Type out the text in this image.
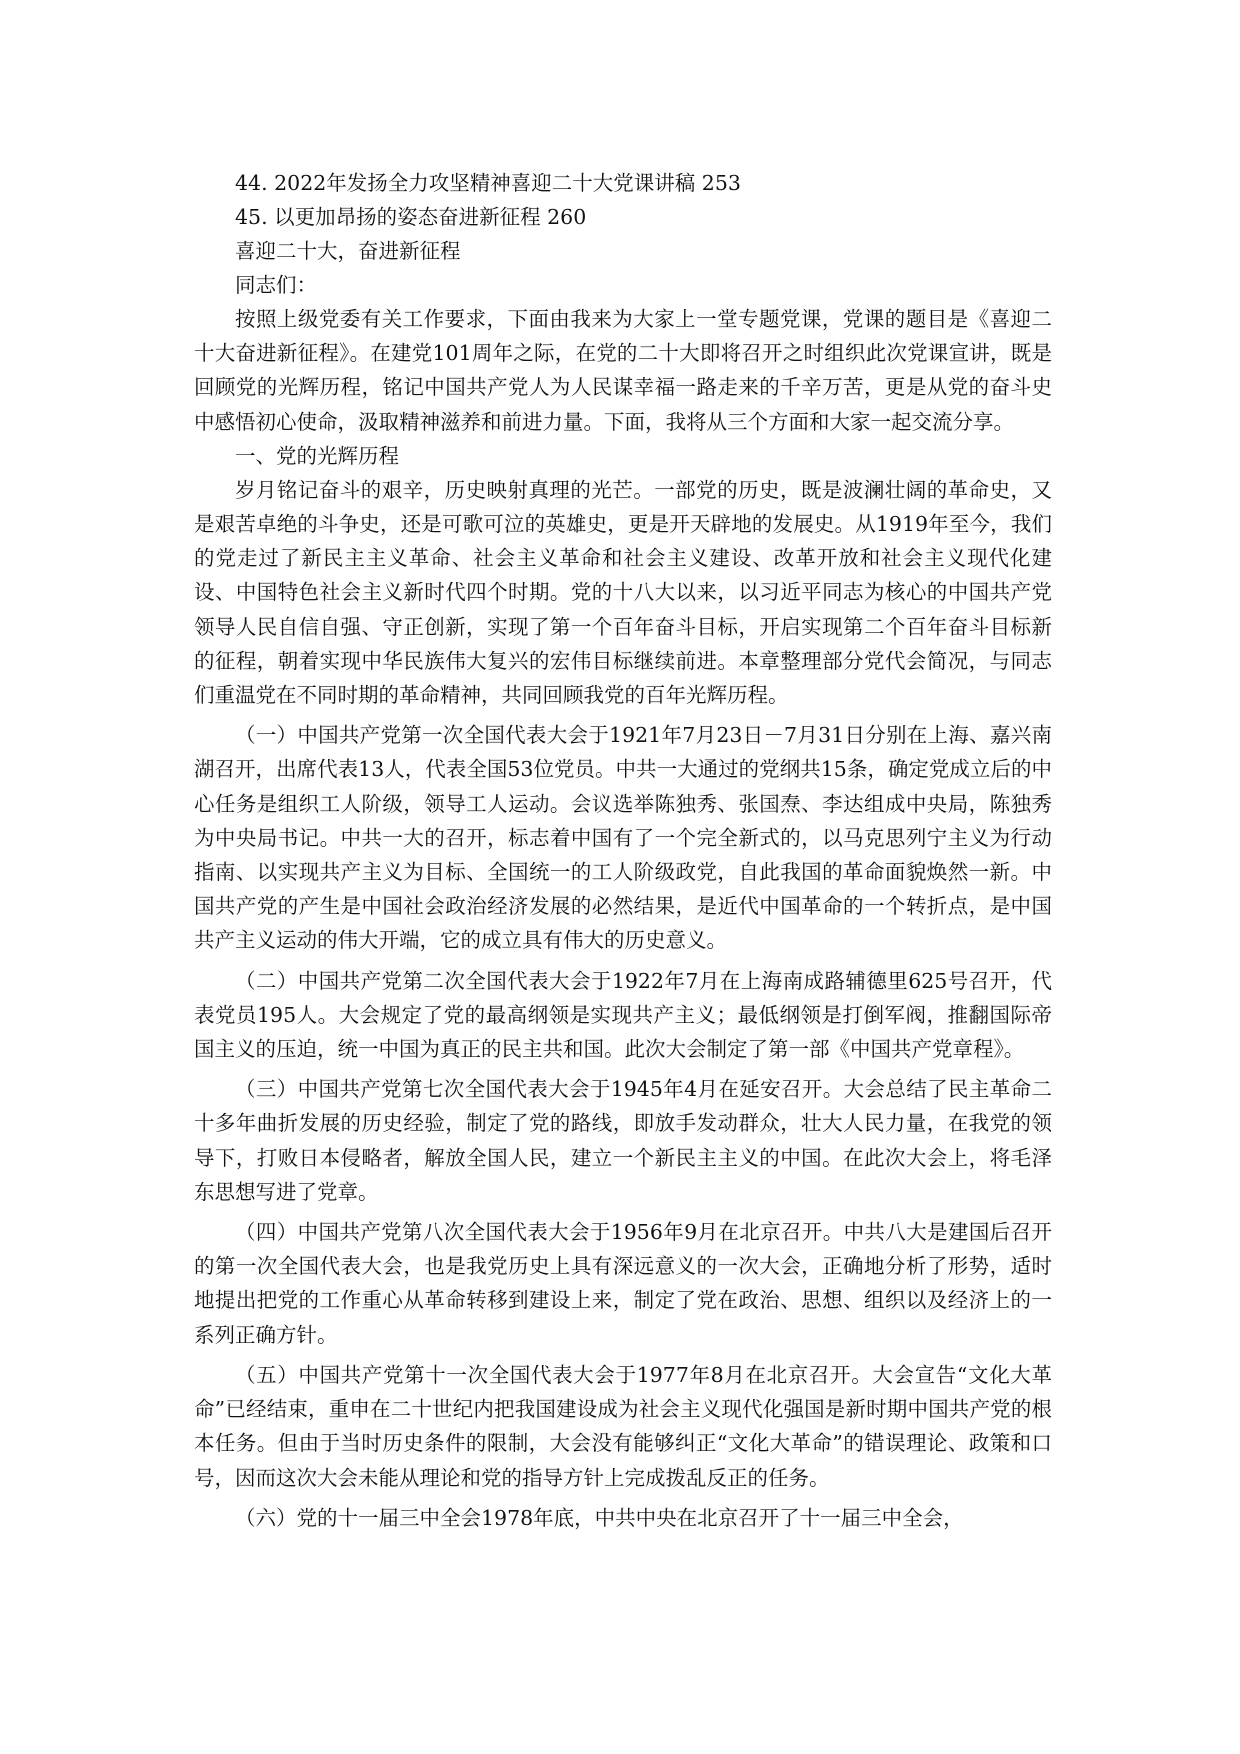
44. 2022年发扬全力攻坚精神喜迎二十大党课讲稿 253

45. 以更加昂扬的姿态奋进新征程 260

喜迎二十大，奋进新征程

同志们：

按照上级党委有关工作要求，下面由我来为大家上一堂专题党课，党课的题目是《喜迎二十大奋进新征程》。在建党101周年之际，在党的二十大即将召开之时组织此次党课宣讲，既是回顾党的光辉历程，铭记中国共产党人为人民谋幸福一路走来的千辛万苦，更是从党的奋斗史中感悟初心使命，汲取精神滋养和前进力量。下面，我将从三个方面和大家一起交流分享。

一、党的光辉历程

岁月铭记奋斗的艰辛，历史映射真理的光芒。一部党的历史，既是波澜壮阔的革命史，又是艰苦卓绝的斗争史，还是可歌可泣的英雄史，更是开天辟地的发展史。从1919年至今，我们的党走过了新民主主义革命、社会主义革命和社会主义建设、改革开放和社会主义现代化建设、中国特色社会主义新时代四个时期。党的十八大以来，以习近平同志为核心的中国共产党领导人民自信自强、守正创新，实现了第一个百年奋斗目标，开启实现第二个百年奋斗目标新的征程，朝着实现中华民族伟大复兴的宏伟目标继续前进。本章整理部分党代会简况，与同志们重温党在不同时期的革命精神，共同回顾我党的百年光辉历程。

（一）中国共产党第一次全国代表大会于1921年7月23日－7月31日分别在上海、嘉兴南湖召开，出席代表13人，代表全国53位党员。中共一大通过的党纲共15条，确定党成立后的中心任务是组织工人阶级，领导工人运动。会议选举陈独秀、张国焘、李达组成中央局，陈独秀为中央局书记。中共一大的召开，标志着中国有了一个完全新式的，以马克思列宁主义为行动指南、以实现共产主义为目标、全国统一的工人阶级政党，自此我国的革命面貌焕然一新。中国共产党的产生是中国社会政治经济发展的必然结果，是近代中国革命的一个转折点，是中国共产主义运动的伟大开端，它的成立具有伟大的历史意义。

（二）中国共产党第二次全国代表大会于1922年7月在上海南成路辅德里625号召开，代表党员195人。大会规定了党的最高纲领是实现共产主义；最低纲领是打倒军阀，推翻国际帝国主义的压迫，统一中国为真正的民主共和国。此次大会制定了第一部《中国共产党章程》。

（三）中国共产党第七次全国代表大会于1945年4月在延安召开。大会总结了民主革命二十多年曲折发展的历史经验，制定了党的路线，即放手发动群众，壮大人民力量，在我党的领导下，打败日本侵略者，解放全国人民，建立一个新民主主义的中国。在此次大会上，将毛泽东思想写进了党章。

（四）中国共产党第八次全国代表大会于1956年9月在北京召开。中共八大是建国后召开的第一次全国代表大会，也是我党历史上具有深远意义的一次大会，正确地分析了形势，适时地提出把党的工作重心从革命转移到建设上来，制定了党在政治、思想、组织以及经济上的一系列正确方针。

（五）中国共产党第十一次全国代表大会于1977年8月在北京召开。大会宣告“文化大革命”已经结束，重申在二十世纪内把我国建设成为社会主义现代化强国是新时期中国共产党的根本任务。但由于当时历史条件的限制，大会没有能够纠正“文化大革命”的错误理论、政策和口号，因而这次大会未能从理论和党的指导方针上完成拨乱反正的任务。

（六）党的十一届三中全会1978年底，中共中央在北京召开了十一届三中全会，
